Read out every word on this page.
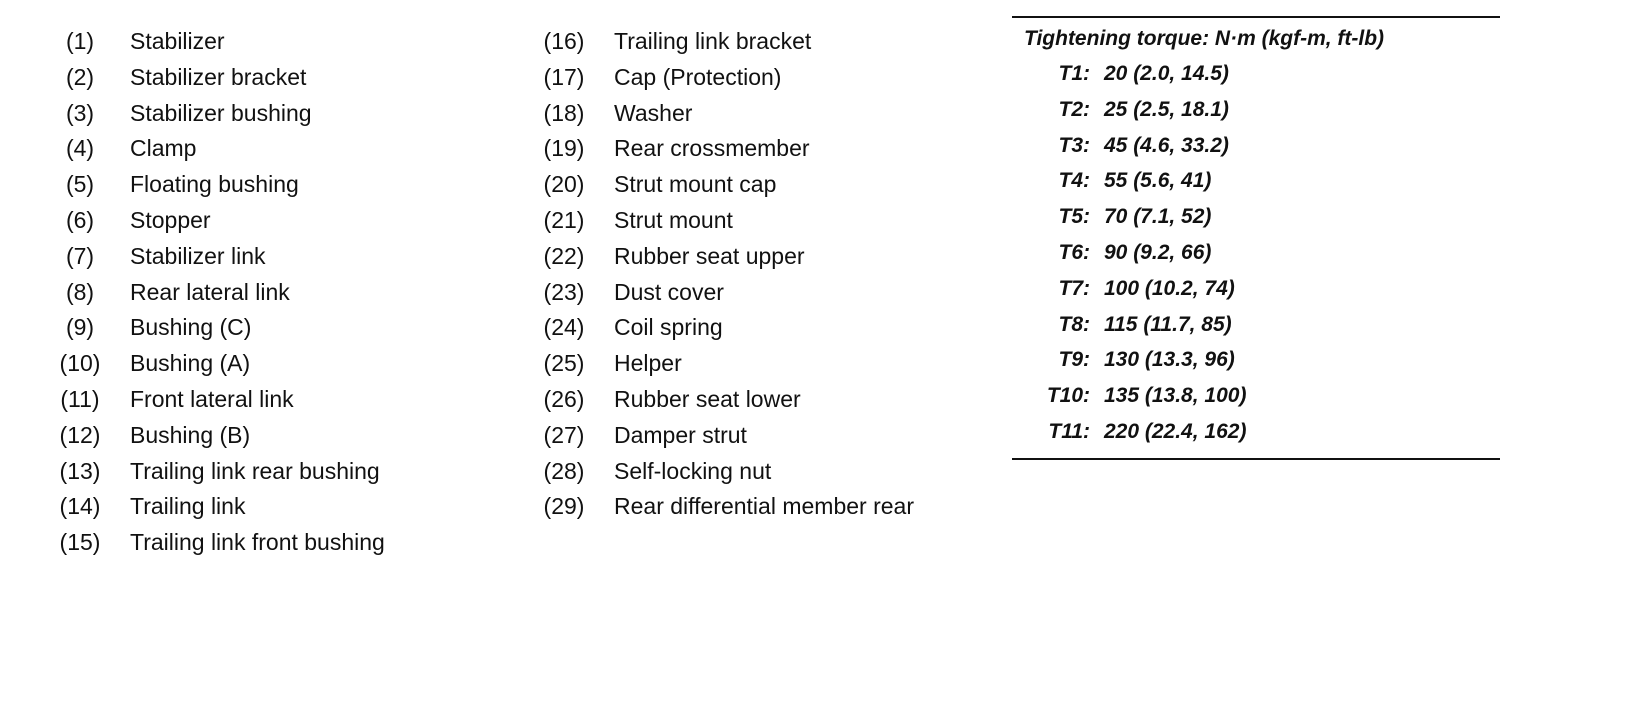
(1)	Stabilizer
(2)	Stabilizer bracket
(3)	Stabilizer bushing
(4)	Clamp
(5)	Floating bushing
(6)	Stopper
(7)	Stabilizer link
(8)	Rear lateral link
(9)	Bushing (C)
(10) Bushing (A)
(11) Front lateral link
(12) Bushing (B)
(13) Trailing link rear bushing
(14) Trailing link
(15) Trailing link front bushing
(16) Trailing link bracket
(17) Cap (Protection)
(18) Washer
(19) Rear crossmember
(20) Strut mount cap
(21) Strut mount
(22) Rubber seat upper
(23) Dust cover
(24) Coil spring
(25) Helper
(26) Rubber seat lower
(27) Damper strut
(28) Self-locking nut
(29) Rear differential member rear
Tightening torque: N·m (kgf-m, ft-lb)
T1: 20 (2.0, 14.5)
T2: 25 (2.5, 18.1)
T3: 45 (4.6, 33.2)
T4: 55 (5.6, 41)
T5: 70 (7.1, 52)
T6: 90 (9.2, 66)
T7: 100 (10.2, 74)
T8: 115 (11.7, 85)
T9: 130 (13.3, 96)
T10: 135 (13.8, 100)
T11: 220 (22.4, 162)
